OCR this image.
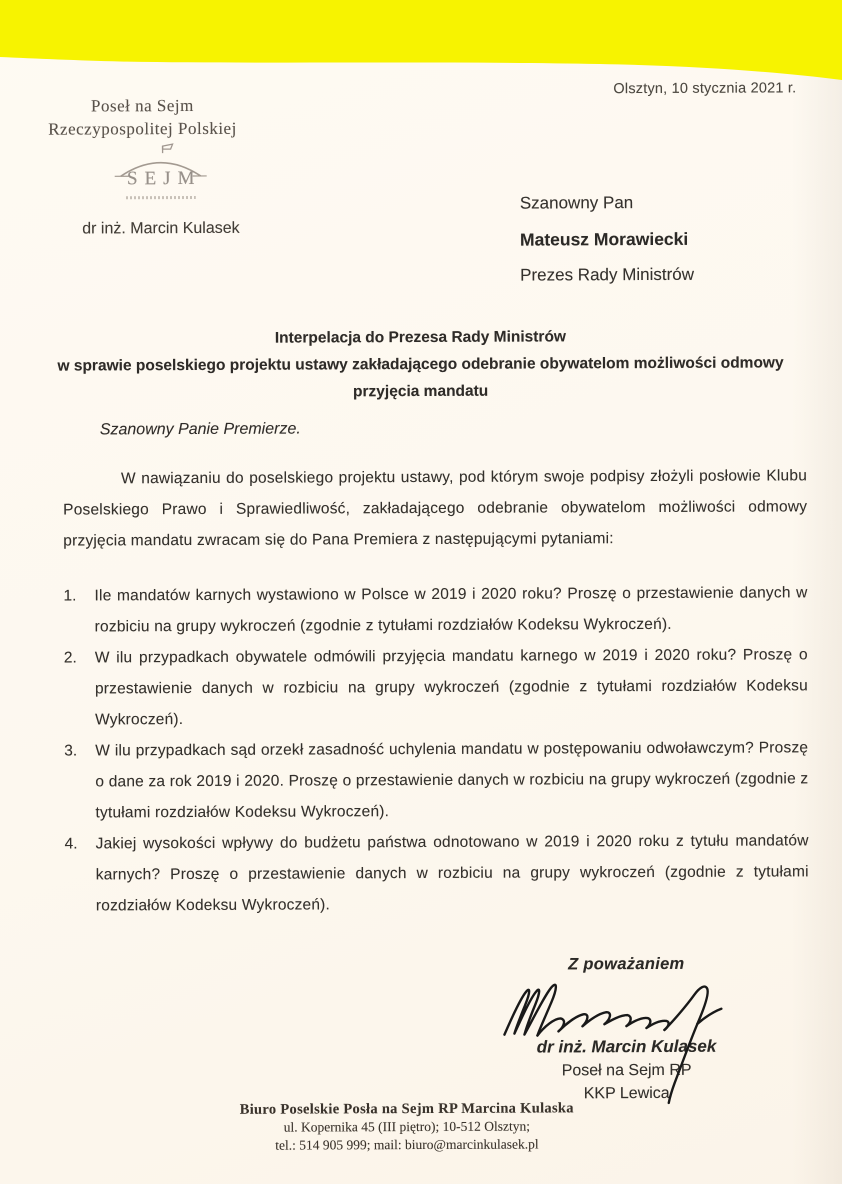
Poseł na Sejm
Rzeczypospolitej Polskiej
Olsztyn, 10 stycznia 2021 r.
SEJM
dr inż. Marcin Kulasek
Szanowny Pan
Mateusz Morawiecki
Prezes Rady Ministrów
Interpelacja do Prezesa Rady Ministrów
w sprawie poselskiego projektu ustawy zakładającego odebranie obywatelom możliwości odmowy
przyjęcia mandatu
Szanowny Panie Premierze.
W nawiązaniu do poselskiego projektu ustawy, pod którym swoje podpisy złożyli posłowie Klubu Poselskiego Prawo i Sprawiedliwość, zakładającego odebranie obywatelom możliwości odmowy przyjęcia mandatu zwracam się do Pana Premiera z następującymi pytaniami:
1.	Ile mandatów karnych wystawiono w Polsce w 2019 i 2020 roku? Proszę o przestawienie danych w rozbiciu na grupy wykroczeń (zgodnie z tytułami rozdziałów Kodeksu Wykroczeń).
2.	W ilu przypadkach obywatele odmówili przyjęcia mandatu karnego w 2019 i 2020 roku? Proszę o przestawienie danych w rozbiciu na grupy wykroczeń (zgodnie z tytułami rozdziałów Kodeksu Wykroczeń).
3.	W ilu przypadkach sąd orzekł zasadność uchylenia mandatu w postępowaniu odwoławczym? Proszę o dane za rok 2019 i 2020. Proszę o przestawienie danych w rozbiciu na grupy wykroczeń (zgodnie z tytułami rozdziałów Kodeksu Wykroczeń).
4.	Jakiej wysokości wpływy do budżetu państwa odnotowano w 2019 i 2020 roku z tytułu mandatów karnych? Proszę o przestawienie danych w rozbiciu na grupy wykroczeń (zgodnie z tytułami rozdziałów Kodeksu Wykroczeń).
Z poważaniem
dr inż. Marcin Kulasek
Poseł na Sejm RP
KKP Lewica
Biuro Poselskie Posła na Sejm RP Marcina Kulaska
ul. Kopernika 45 (III piętro); 10-512 Olsztyn;
tel.: 514 905 999; mail: biuro@marcinkulasek.pl
